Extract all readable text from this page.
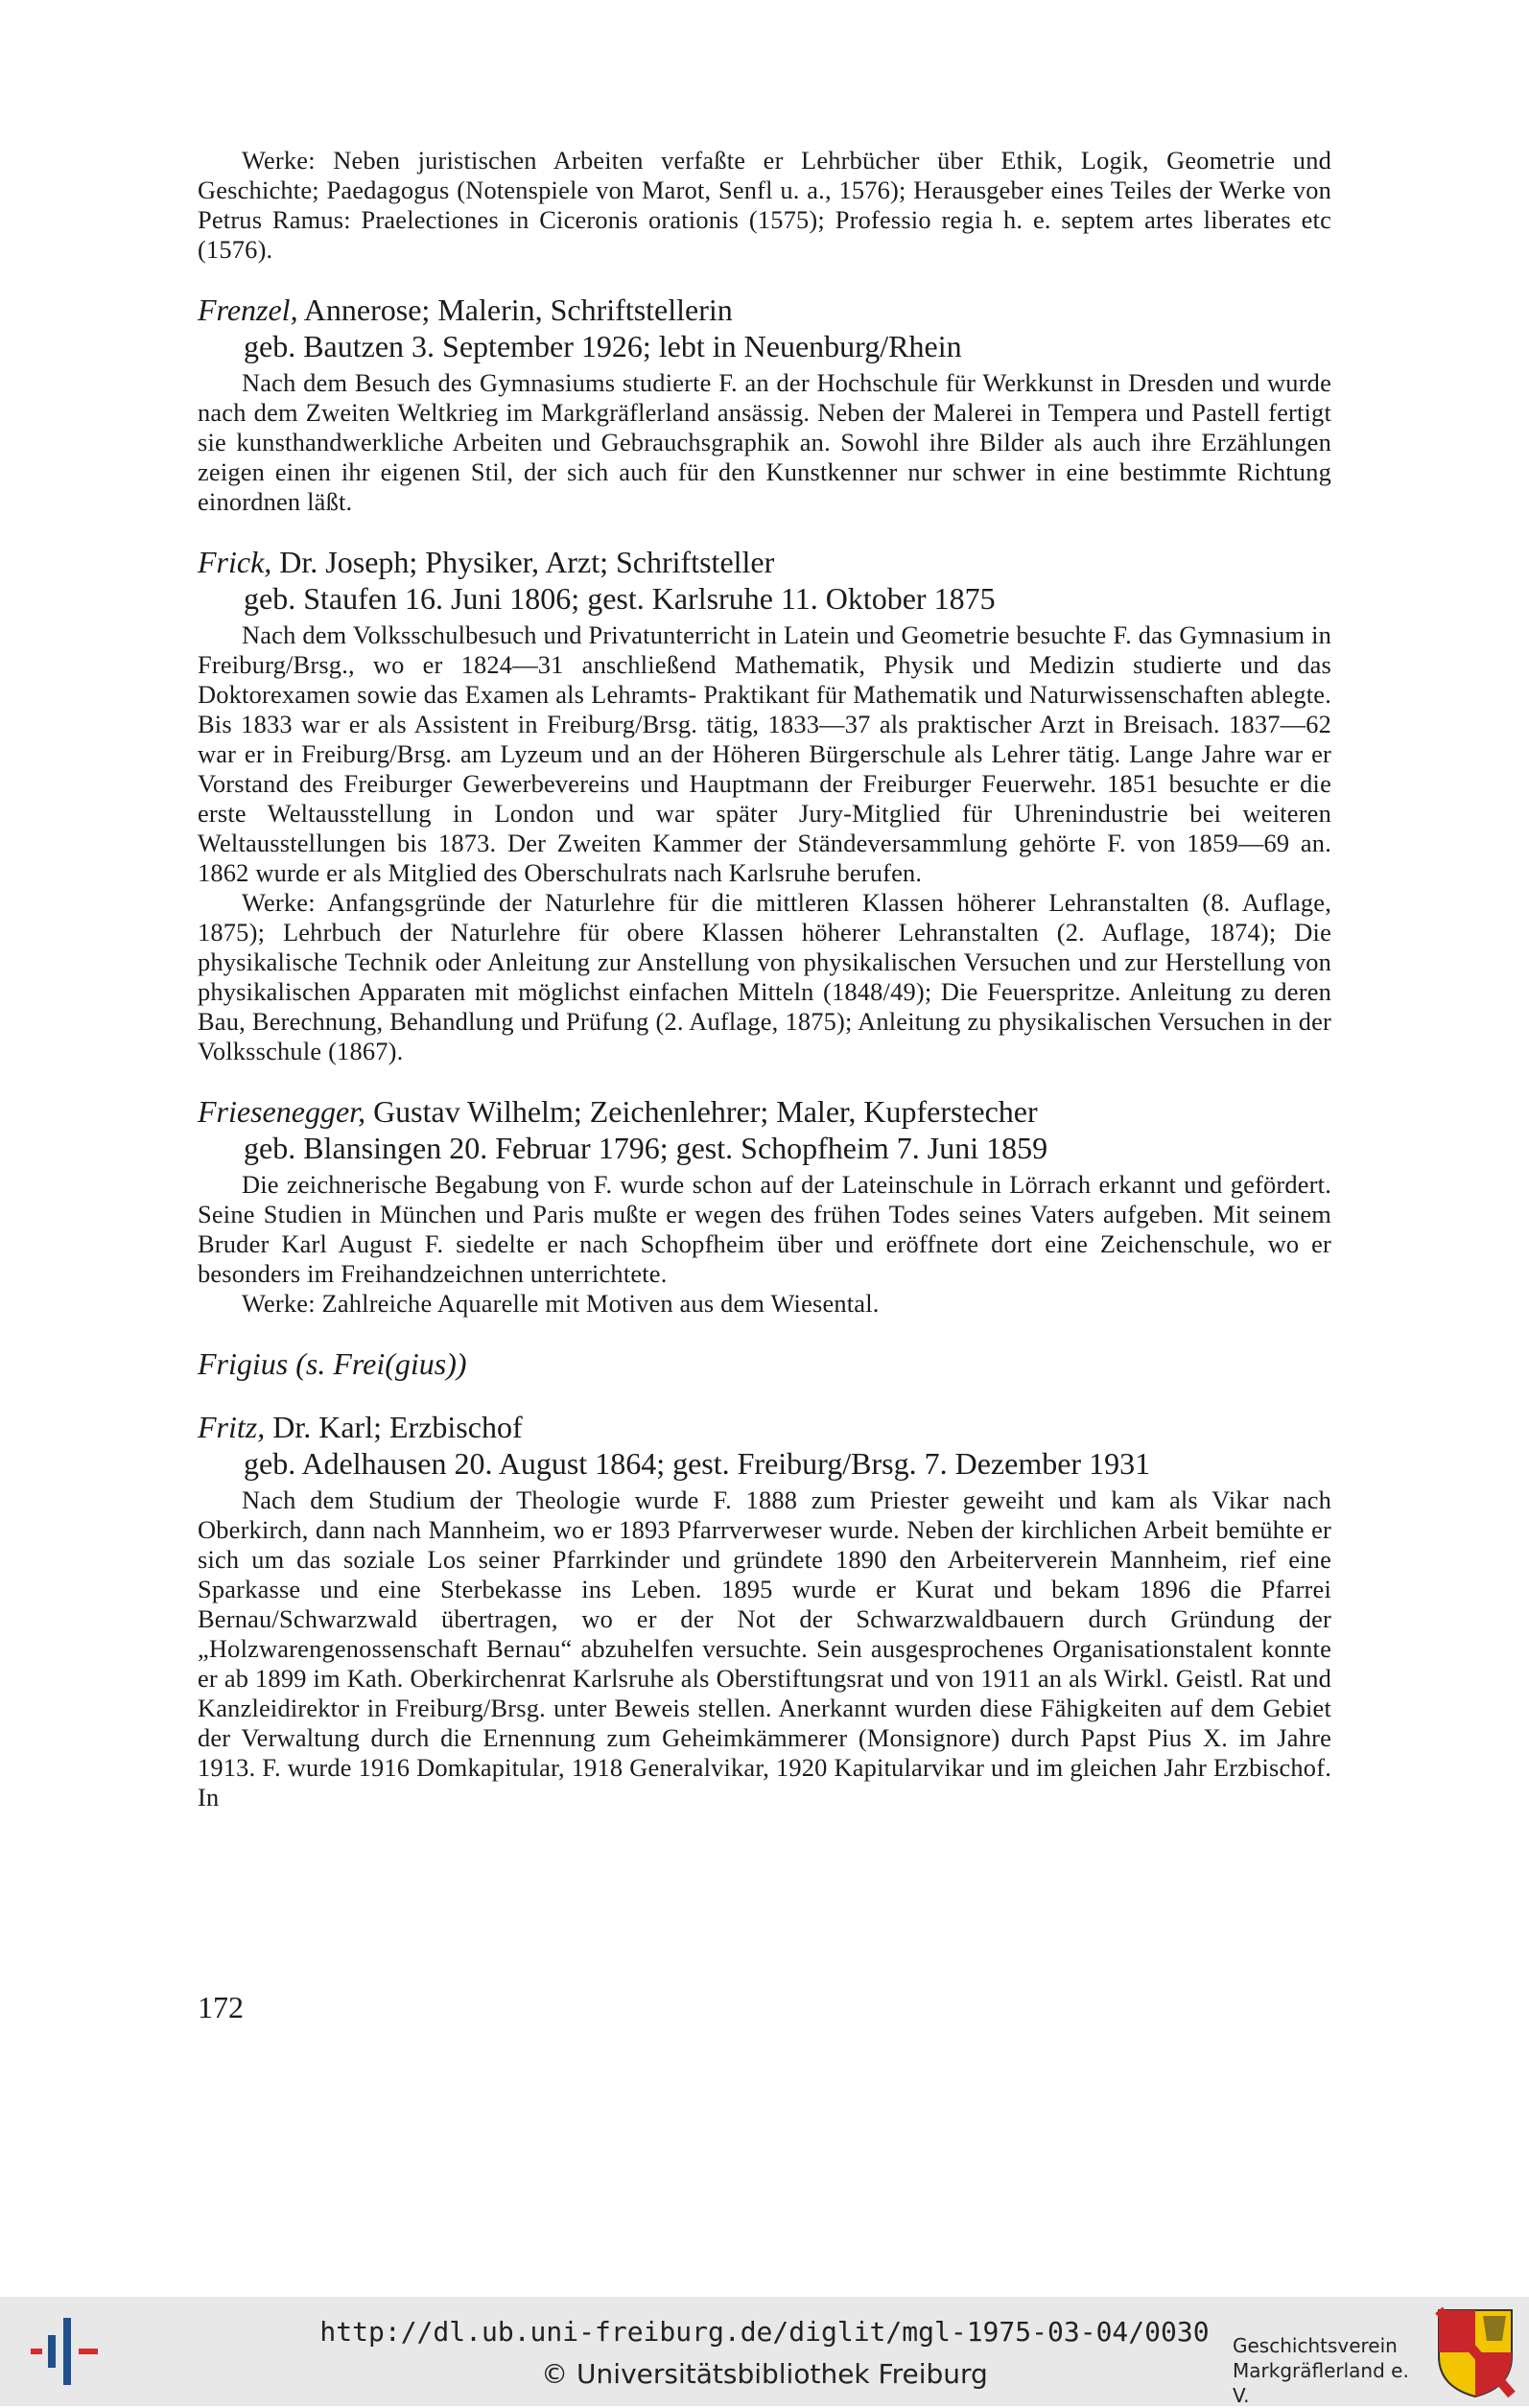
Werke: Neben juristischen Arbeiten verfaßte er Lehrbücher über Ethik, Logik, Geometrie und Geschichte; Paedagogus (Notenspiele von Marot, Senfl u. a., 1576); Herausgeber eines Teiles der Werke von Petrus Ramus: Praelectiones in Ciceronis orationis (1575); Professio regia h. e. septem artes liberates etc (1576).

Frenzel, Annerose; Malerin, Schriftstellerin

geb. Bautzen 3. September 1926; lebt in Neuenburg/Rhein

Nach dem Besuch des Gymnasiums studierte F. an der Hochschule für Werkkunst in Dresden und wurde nach dem Zweiten Weltkrieg im Markgräflerland ansässig. Neben der Malerei in Tempera und Pastell fertigt sie kunsthandwerkliche Arbeiten und Gebrauchsgraphik an. Sowohl ihre Bilder als auch ihre Erzählungen zeigen einen ihr eigenen Stil, der sich auch für den Kunstkenner nur schwer in eine bestimmte Richtung einordnen läßt.

Frick, Dr. Joseph; Physiker, Arzt; Schriftsteller

geb. Staufen 16. Juni 1806; gest. Karlsruhe 11. Oktober 1875

Nach dem Volksschulbesuch und Privatunterricht in Latein und Geometrie besuchte F. das Gymnasium in Freiburg/Brsg., wo er 1824—31 anschließend Mathematik, Physik und Medizin studierte und das Doktorexamen sowie das Examen als Lehramts- Praktikant für Mathematik und Naturwissenschaften ablegte. Bis 1833 war er als Assistent in Freiburg/Brsg. tätig, 1833—37 als praktischer Arzt in Breisach. 1837—62 war er in Freiburg/Brsg. am Lyzeum und an der Höheren Bürgerschule als Lehrer tätig. Lange Jahre war er Vorstand des Freiburger Gewerbevereins und Hauptmann der Freiburger Feuerwehr. 1851 besuchte er die erste Weltausstellung in London und war später Jury-Mitglied für Uhrenindustrie bei weiteren Weltausstellungen bis 1873. Der Zweiten Kammer der Ständeversammlung gehörte F. von 1859—69 an. 1862 wurde er als Mitglied des Oberschulrats nach Karlsruhe berufen.

Werke: Anfangsgründe der Naturlehre für die mittleren Klassen höherer Lehranstalten (8. Auflage, 1875); Lehrbuch der Naturlehre für obere Klassen höherer Lehranstalten (2. Auflage, 1874); Die physikalische Technik oder Anleitung zur Anstellung von physikalischen Versuchen und zur Herstellung von physikalischen Apparaten mit möglichst einfachen Mitteln (1848/49); Die Feuerspritze. Anleitung zu deren Bau, Berechnung, Behandlung und Prüfung (2. Auflage, 1875); Anleitung zu physikalischen Versuchen in der Volksschule (1867).

Friesenegger, Gustav Wilhelm; Zeichenlehrer; Maler, Kupferstecher

geb. Blansingen 20. Februar 1796; gest. Schopfheim 7. Juni 1859

Die zeichnerische Begabung von F. wurde schon auf der Lateinschule in Lörrach erkannt und gefördert. Seine Studien in München und Paris mußte er wegen des frühen Todes seines Vaters aufgeben. Mit seinem Bruder Karl August F. siedelte er nach Schopfheim über und eröffnete dort eine Zeichenschule, wo er besonders im Freihandzeichnen unterrichtete.

Werke: Zahlreiche Aquarelle mit Motiven aus dem Wiesental.

Frigius (s. Frei(gius))

Fritz, Dr. Karl; Erzbischof

geb. Adelhausen 20. August 1864; gest. Freiburg/Brsg. 7. Dezember 1931

Nach dem Studium der Theologie wurde F. 1888 zum Priester geweiht und kam als Vikar nach Oberkirch, dann nach Mannheim, wo er 1893 Pfarrverweser wurde. Neben der kirchlichen Arbeit bemühte er sich um das soziale Los seiner Pfarrkinder und gründete 1890 den Arbeiterverein Mannheim, rief eine Sparkasse und eine Sterbekasse ins Leben. 1895 wurde er Kurat und bekam 1896 die Pfarrei Bernau/Schwarzwald übertragen, wo er der Not der Schwarzwaldbauern durch Gründung der „Holzwarengenossenschaft Bernau“ abzuhelfen versuchte. Sein ausgesprochenes Organisationstalent konnte er ab 1899 im Kath. Oberkirchenrat Karlsruhe als Oberstiftungsrat und von 1911 an als Wirkl. Geistl. Rat und Kanzleidirektor in Freiburg/Brsg. unter Beweis stellen. Anerkannt wurden diese Fähigkeiten auf dem Gebiet der Verwaltung durch die Ernennung zum Geheimkämmerer (Monsignore) durch Papst Pius X. im Jahre 1913. F. wurde 1916 Domkapitular, 1918 Generalvikar, 1920 Kapitularvikar und im gleichen Jahr Erzbischof. In

172
http://dl.ub.uni-freiburg.de/diglit/mgl-1975-03-04/0030
© Universitätsbibliothek Freiburg
Geschichtsverein
Markgräflerland e. V.
